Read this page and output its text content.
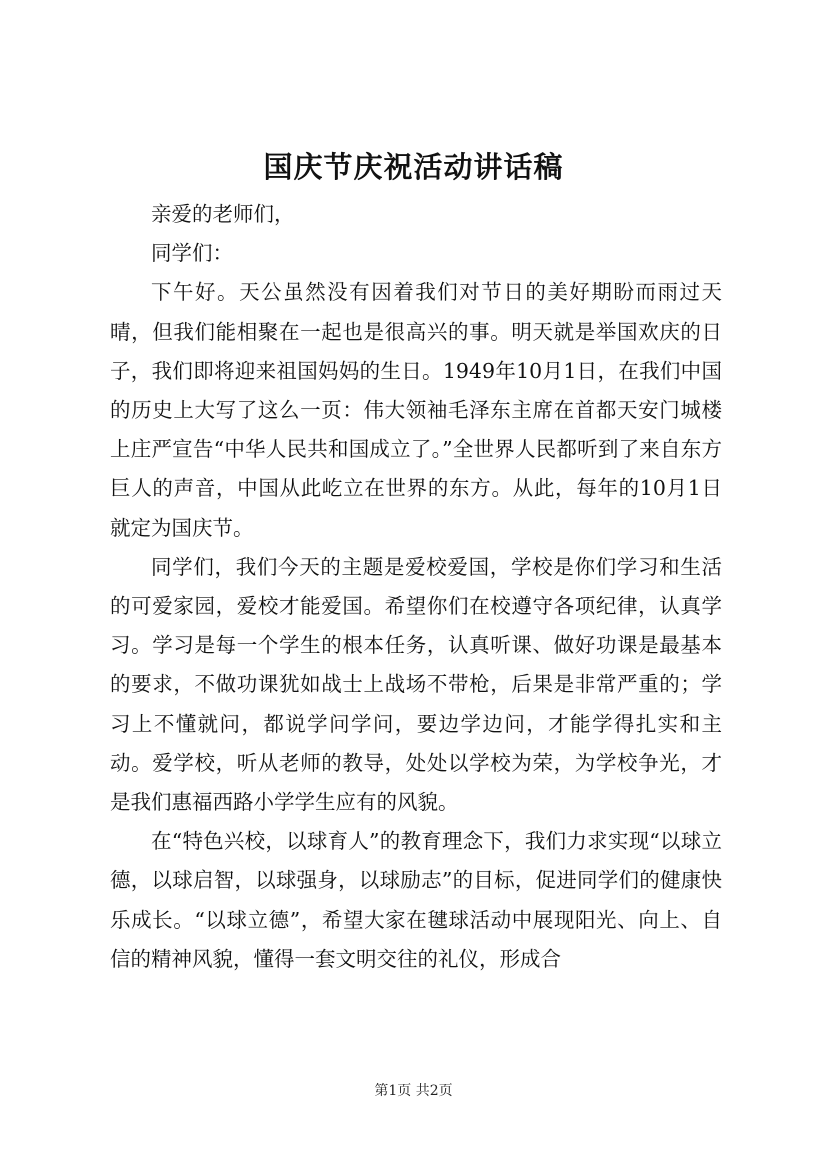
国庆节庆祝活动讲话稿

亲爱的老师们，

同学们：

下午好。天公虽然没有因着我们对节日的美好期盼而雨过天晴，但我们能相聚在一起也是很高兴的事。明天就是举国欢庆的日子，我们即将迎来祖国妈妈的生日。1949年10月1日，在我们中国的历史上大写了这么一页：伟大领袖毛泽东主席在首都天安门城楼上庄严宣告“中华人民共和国成立了。”全世界人民都听到了来自东方巨人的声音，中国从此屹立在世界的东方。从此，每年的10月1日就定为国庆节。

同学们，我们今天的主题是爱校爱国，学校是你们学习和生活的可爱家园，爱校才能爱国。希望你们在校遵守各项纪律，认真学习。学习是每一个学生的根本任务，认真听课、做好功课是最基本的要求，不做功课犹如战士上战场不带枪，后果是非常严重的；学习上不懂就问，都说学问学问，要边学边问，才能学得扎实和主动。爱学校，听从老师的教导，处处以学校为荣，为学校争光，才是我们惠福西路小学学生应有的风貌。

在“特色兴校，以球育人”的教育理念下，我们力求实现“以球立德，以球启智，以球强身，以球励志”的目标，促进同学们的健康快乐成长。“以球立德”，希望大家在毽球活动中展现阳光、向上、自信的精神风貌，懂得一套文明交往的礼仪，形成合

第1页 共2页
